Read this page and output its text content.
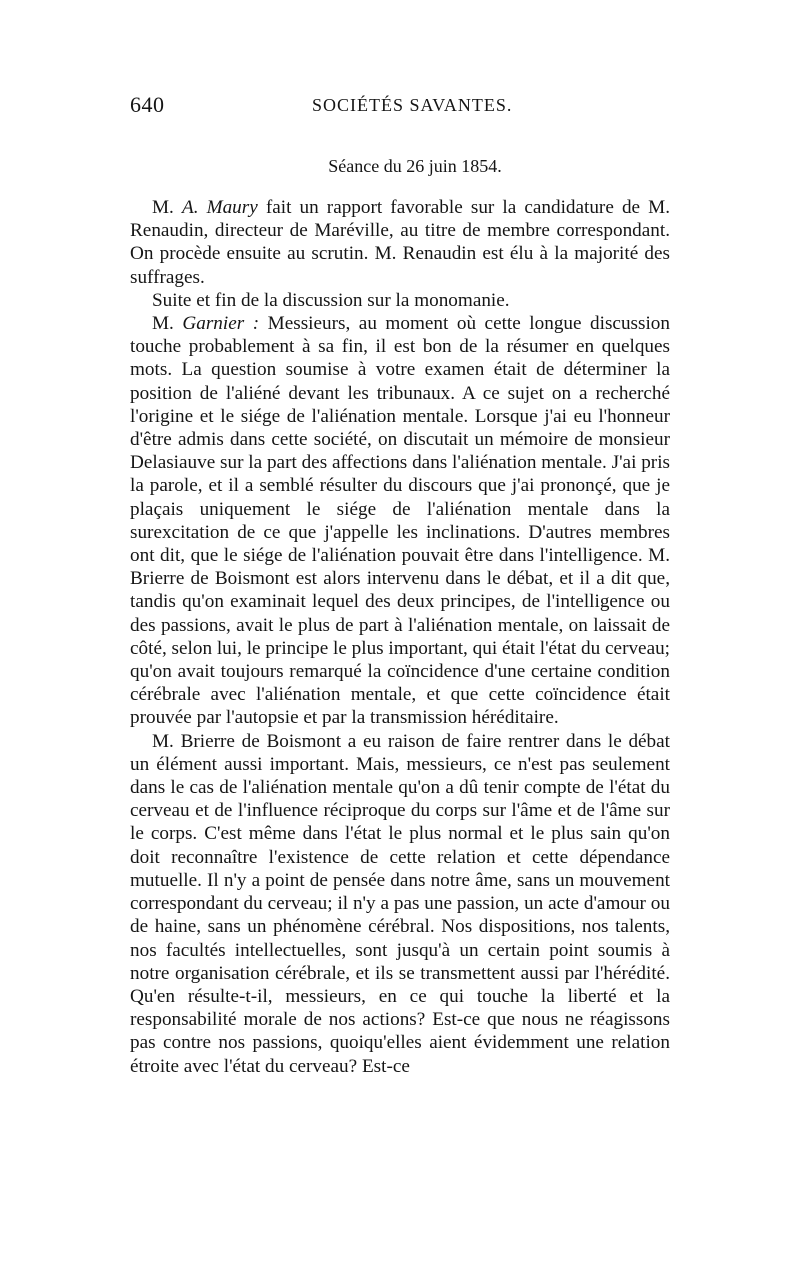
640	SOCIÉTÉS SAVANTES.
Séance du 26 juin 1854.

M. A. Maury fait un rapport favorable sur la candidature de M. Renaudin, directeur de Maréville, au titre de membre correspondant. On procède ensuite au scrutin. M. Renaudin est élu à la majorité des suffrages.

Suite et fin de la discussion sur la monomanie.

M. Garnier : Messieurs, au moment où cette longue discussion touche probablement à sa fin, il est bon de la résumer en quelques mots. La question soumise à votre examen était de déterminer la position de l'aliéné devant les tribunaux. A ce sujet on a recherché l'origine et le siége de l'aliénation mentale. Lorsque j'ai eu l'honneur d'être admis dans cette société, on discutait un mémoire de monsieur Delasiauve sur la part des affections dans l'aliénation mentale. J'ai pris la parole, et il a semblé résulter du discours que j'ai prononçé, que je plaçais uniquement le siége de l'aliénation mentale dans la surexcitation de ce que j'appelle les inclinations. D'autres membres ont dit, que le siége de l'aliénation pouvait être dans l'intelligence. M. Brierre de Boismont est alors intervenu dans le débat, et il a dit que, tandis qu'on examinait lequel des deux principes, de l'intelligence ou des passions, avait le plus de part à l'aliénation mentale, on laissait de côté, selon lui, le principe le plus important, qui était l'état du cerveau; qu'on avait toujours remarqué la coïncidence d'une certaine condition cérébrale avec l'aliénation mentale, et que cette coïncidence était prouvée par l'autopsie et par la transmission héréditaire.

M. Brierre de Boismont a eu raison de faire rentrer dans le débat un élément aussi important. Mais, messieurs, ce n'est pas seulement dans le cas de l'aliénation mentale qu'on a dû tenir compte de l'état du cerveau et de l'influence réciproque du corps sur l'âme et de l'âme sur le corps. C'est même dans l'état le plus normal et le plus sain qu'on doit reconnaître l'existence de cette relation et cette dépendance mutuelle. Il n'y a point de pensée dans notre âme, sans un mouvement correspondant du cerveau; il n'y a pas une passion, un acte d'amour ou de haine, sans un phénomène cérébral. Nos dispositions, nos talents, nos facultés intellectuelles, sont jusqu'à un certain point soumis à notre organisation cérébrale, et ils se transmettent aussi par l'hérédité. Qu'en résulte-t-il, messieurs, en ce qui touche la liberté et la responsabilité morale de nos actions? Est-ce que nous ne réagissons pas contre nos passions, quoiqu'elles aient évidemment une relation étroite avec l'état du cerveau? Est-ce
